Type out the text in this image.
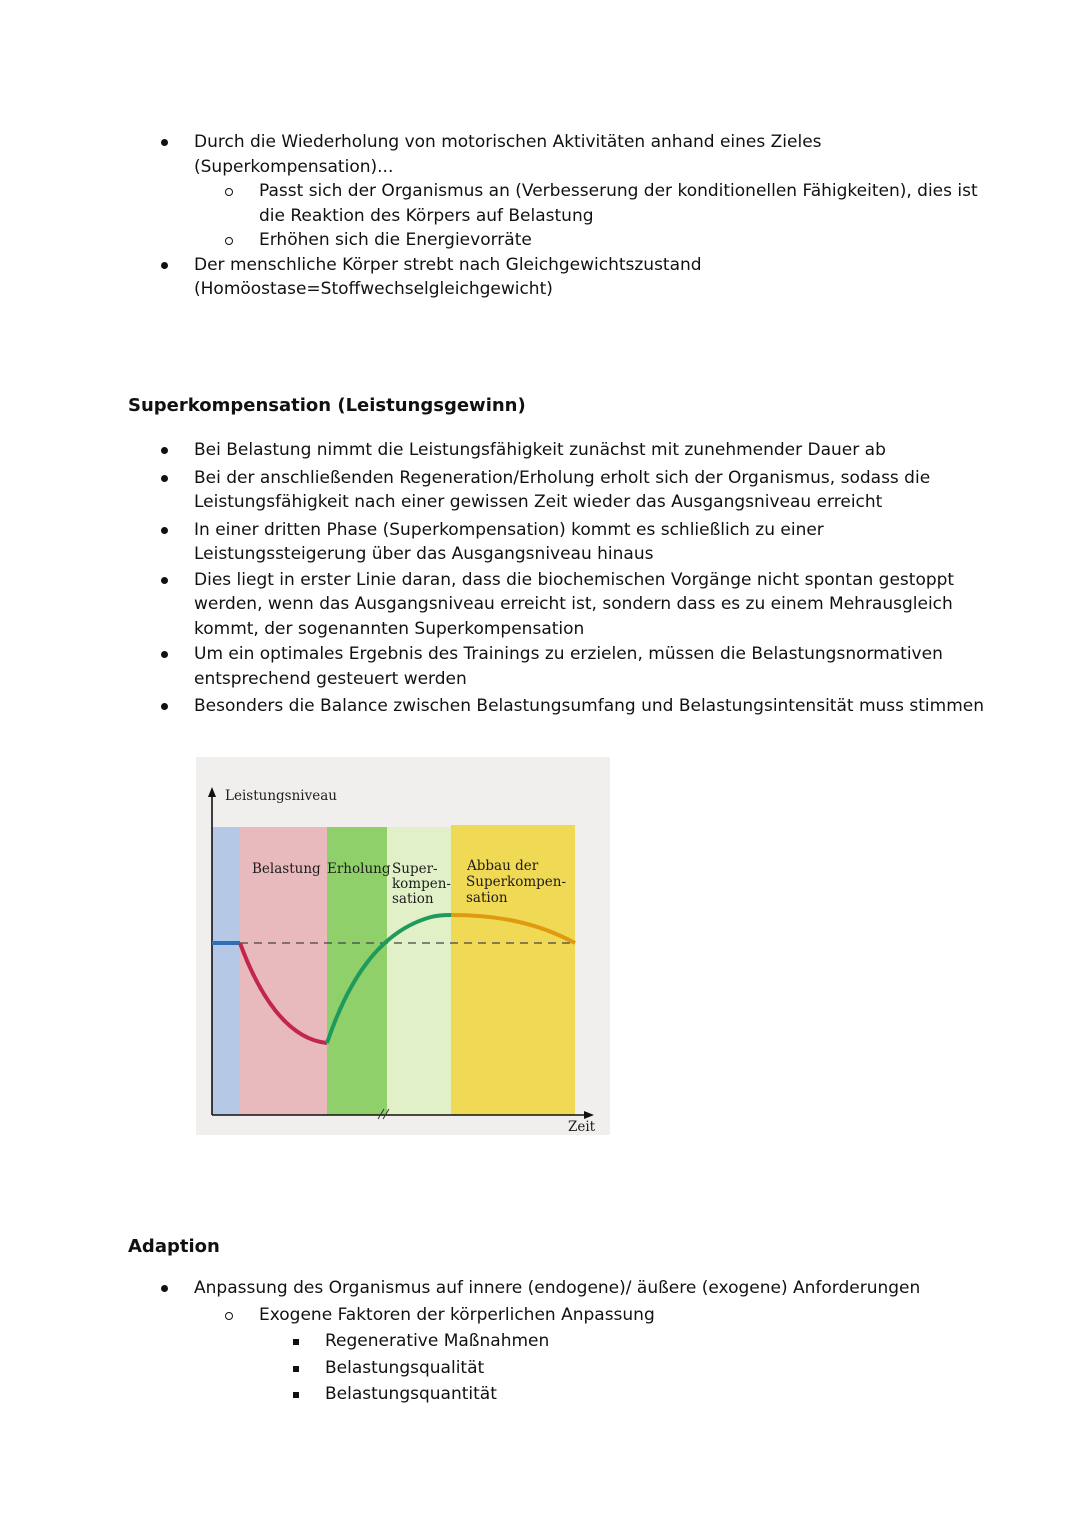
Durch die Wiederholung von motorischen Aktivitäten anhand eines Zieles
(Superkompensation)...
Passt sich der Organismus an (Verbesserung der konditionellen Fähigkeiten), dies ist
die Reaktion des Körpers auf Belastung
Erhöhen sich die Energievorräte
Der menschliche Körper strebt nach Gleichgewichtszustand
(Homöostase=Stoffwechselgleichgewicht)
Superkompensation (Leistungsgewinn)
Bei Belastung nimmt die Leistungsfähigkeit zunächst mit zunehmender Dauer ab
Bei der anschließenden Regeneration/Erholung erholt sich der Organismus, sodass die
Leistungsfähigkeit nach einer gewissen Zeit wieder das Ausgangsniveau erreicht
In einer dritten Phase (Superkompensation) kommt es schließlich zu einer
Leistungssteigerung über das Ausgangsniveau hinaus
Dies liegt in erster Linie daran, dass die biochemischen Vorgänge nicht spontan gestoppt
werden, wenn das Ausgangsniveau erreicht ist, sondern dass es zu einem Mehrausgleich
kommt, der sogenannten Superkompensation
Um ein optimales Ergebnis des Trainings zu erzielen, müssen die Belastungsnormativen
entsprechend gesteuert werden
Besonders die Balance zwischen Belastungsumfang und Belastungsintensität muss stimmen
Leistungsniveau
Zeit
Belastung Erholung Super-
kompen-
sation
Abbau der
Superkompen-
sation
Adaption
Anpassung des Organismus auf innere (endogene)/ äußere (exogene) Anforderungen
Exogene Faktoren der körperlichen Anpassung
Regenerative Maßnahmen
Belastungsqualität
Belastungsquantität
